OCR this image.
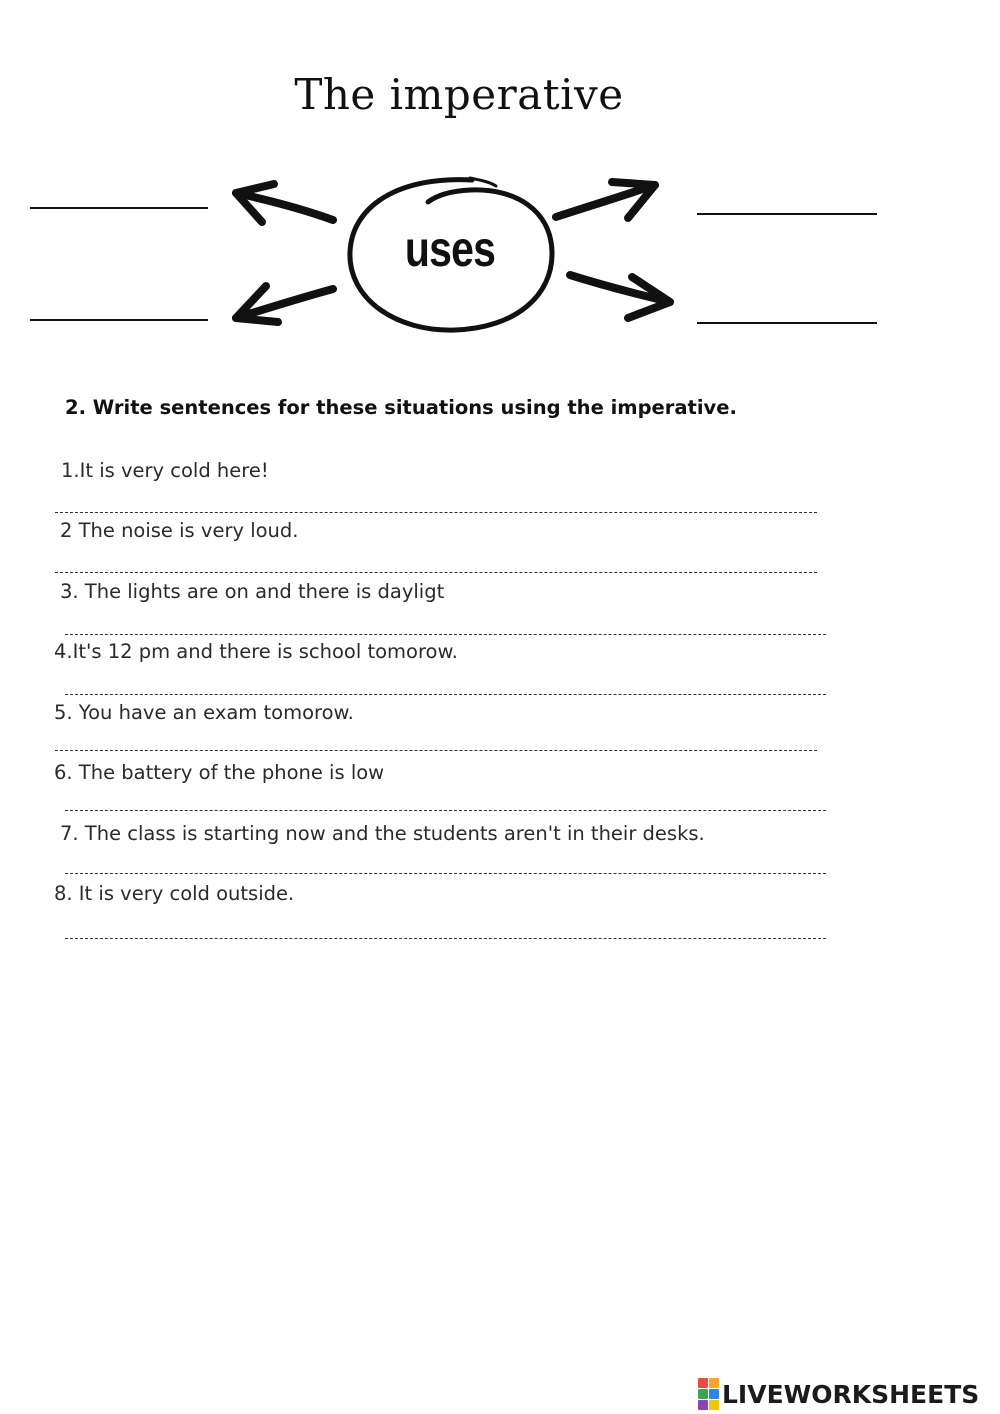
The imperative
uses

2. Write sentences for these situations using the imperative.

1.It is very cold here!
2 The noise is very loud.
3. The lights are on and there is dayligt
4.It's 12 pm and there is school tomorow.
5. You have an exam tomorow.
6. The battery of the phone is low
7. The class is starting now and the students aren't in their desks.
8. It is very cold outside.
LIVEWORKSHEETS
